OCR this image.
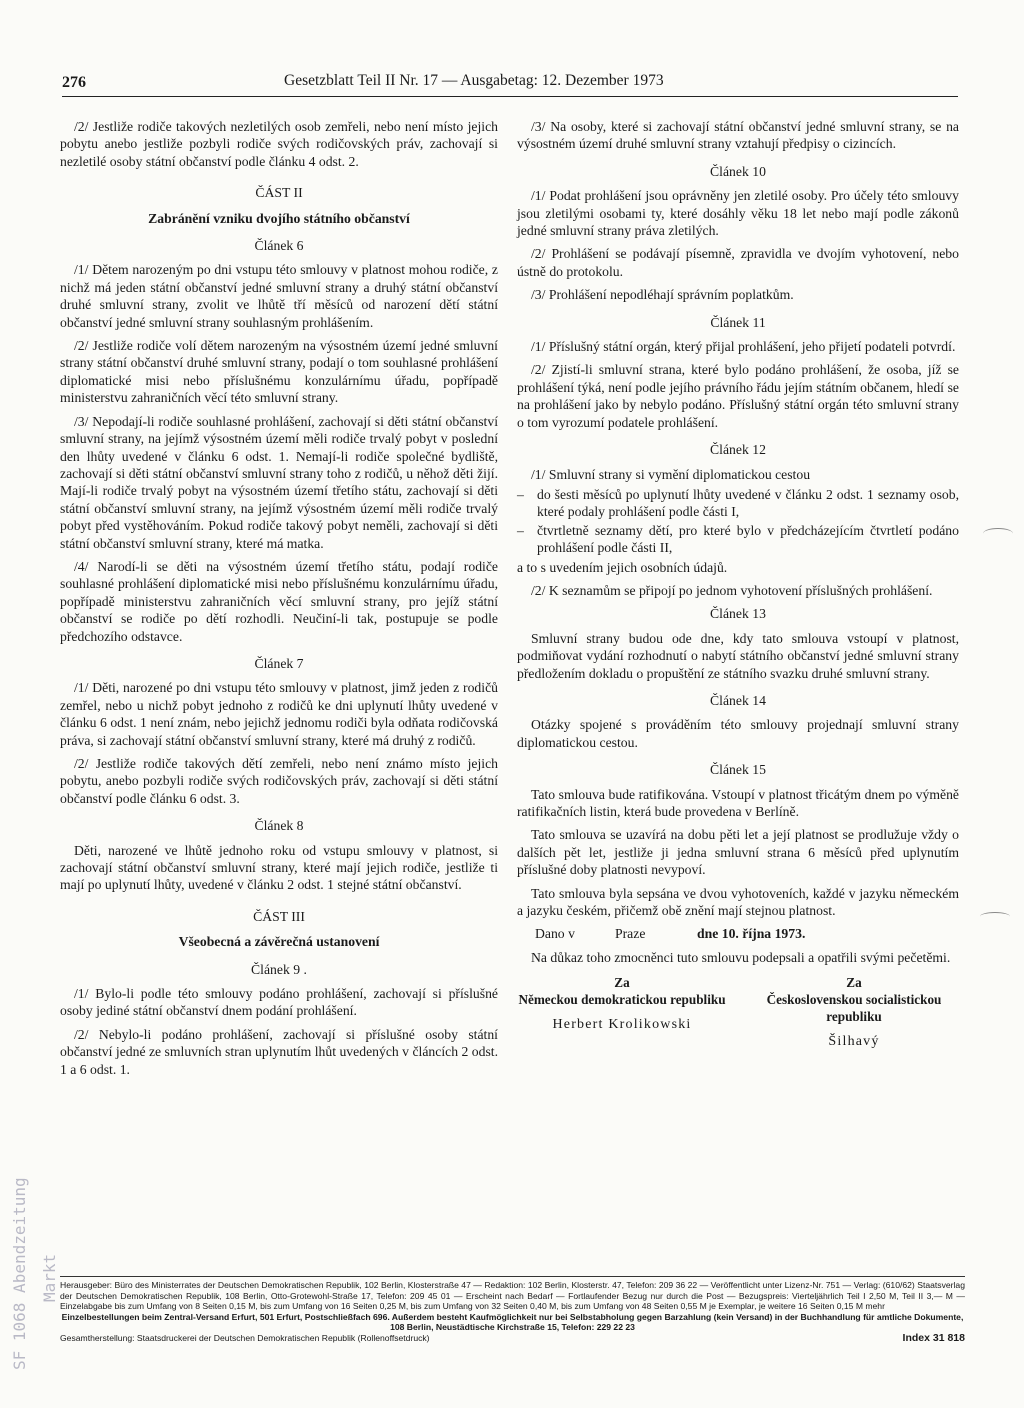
276	Gesetzblatt Teil II Nr. 17 — Ausgabetag: 12. Dezember 1973

/2/ Jestliže rodiče takových nezletilých osob zemřeli, nebo není místo jejich pobytu anebo jestliže pozbyli rodiče svých rodičovských práv, zachovají si nezletilé osoby státní občanství podle článku 4 odst. 2.

ČÁST II
Zabránění vzniku dvojího státního občanství
Článek 6

/1/ Dětem narozeným po dni vstupu této smlouvy v platnost mohou rodiče, z nichž má jeden státní občanství jedné smluvní strany a druhý státní občanství druhé smluvní strany, zvolit ve lhůtě tří měsíců od narození dětí státní občanství jedné smluvní strany souhlasným prohlášením.

/2/ Jestliže rodiče volí dětem narozeným na výsostném území jedné smluvní strany státní občanství druhé smluvní strany, podají o tom souhlasné prohlášení diplomatické misi nebo příslušnému konzulárnímu úřadu, popřípadě ministerstvu zahraničních věcí této smluvní strany.

/3/ Nepodají-li rodiče souhlasné prohlášení, zachovají si děti státní občanství smluvní strany, na jejímž výsostném území měli rodiče trvalý pobyt v poslední den lhůty uvedené v článku 6 odst. 1. Nemají-li rodiče společné bydliště, zachovají si děti státní občanství smluvní strany toho z rodičů, u něhož děti žijí. Mají-li rodiče trvalý pobyt na výsostném území třetího státu, zachovají si děti státní občanství smluvní strany, na jejímž výsostném území měli rodiče trvalý pobyt před vystěhováním. Pokud rodiče takový pobyt neměli, zachovají si děti státní občanství smluvní strany, které má matka.

/4/ Narodí-li se děti na výsostném území třetího státu, podají rodiče souhlasné prohlášení diplomatické misi nebo příslušnému konzulárnímu úřadu, popřípadě ministerstvu zahraničních věcí smluvní strany, pro jejíž státní občanství se rodiče po dětí rozhodli. Neučiní-li tak, postupuje se podle předchozího odstavce.

Článek 7

/1/ Děti, narozené po dni vstupu této smlouvy v platnost, jimž jeden z rodičů zemřel, nebo u nichž pobyt jednoho z rodičů ke dni uplynutí lhůty uvedené v článku 6 odst. 1 není znám, nebo jejichž jednomu rodiči byla odňata rodičovská práva, si zachovají státní občanství smluvní strany, které má druhý z rodičů.

/2/ Jestliže rodiče takových dětí zemřeli, nebo není známo místo jejich pobytu, anebo pozbyli rodiče svých rodičovských práv, zachovají si děti státní občanství podle článku 6 odst. 3.

Článek 8

Děti, narozené ve lhůtě jednoho roku od vstupu smlouvy v platnost, si zachovají státní občanství smluvní strany, které mají jejich rodiče, jestliže ti mají po uplynutí lhůty, uvedené v článku 2 odst. 1 stejné státní občanství.

ČÁST III
Všeobecná a závěrečná ustanovení
Článek 9 .

/1/ Bylo-li podle této smlouvy podáno prohlášení, zachovají si příslušné osoby jediné státní občanství dnem podání prohlášení.

/2/ Nebylo-li podáno prohlášení, zachovají si příslušné osoby státní občanství jedné ze smluvních stran uplynutím lhůt uvedených v článcích 2 odst. 1 a 6 odst. 1.

/3/ Na osoby, které si zachovají státní občanství jedné smluvní strany, se na výsostném území druhé smluvní strany vztahují předpisy o cizincích.

Článek 10

/1/ Podat prohlášení jsou oprávněny jen zletilé osoby. Pro účely této smlouvy jsou zletilými osobami ty, které dosáhly věku 18 let nebo mají podle zákonů jedné smluvní strany práva zletilých.

/2/ Prohlášení se podávají písemně, zpravidla ve dvojím vyhotovení, nebo ústně do protokolu.

/3/ Prohlášení nepodléhají správním poplatkům.

Článek 11

/1/ Příslušný státní orgán, který přijal prohlášení, jeho přijetí podateli potvrdí.

/2/ Zjistí-li smluvní strana, které bylo podáno prohlášení, že osoba, jíž se prohlášení týká, není podle jejího právního řádu jejím státním občanem, hledí se na prohlášení jako by nebylo podáno. Příslušný státní orgán této smluvní strany o tom vyrozumí podatele prohlášení.

Článek 12

/1/ Smluvní strany si vymění diplomatickou cestou

– do šesti měsíců po uplynutí lhůty uvedené v článku 2 odst. 1 seznamy osob, které podaly prohlášení podle části I,
– čtvrtletně seznamy dětí, pro které bylo v předcházejícím čtvrtletí podáno prohlášení podle části II,

a to s uvedením jejich osobních údajů.

/2/ K seznamům se připojí po jednom vyhotovení příslušných prohlášení.

Článek 13

Smluvní strany budou ode dne, kdy tato smlouva vstoupí v platnost, podmiňovat vydání rozhodnutí o nabytí státního občanství jedné smluvní strany předložením dokladu o propuštění ze státního svazku druhé smluvní strany.

Článek 14

Otázky spojené s prováděním této smlouvy projednají smluvní strany diplomatickou cestou.

Článek 15

Tato smlouva bude ratifikována. Vstoupí v platnost třicátým dnem po výměně ratifikačních listin, která bude provedena v Berlíně.

Tato smlouva se uzavírá na dobu pěti let a její platnost se prodlužuje vždy o dalších pět let, jestliže ji jedna smluvní strana 6 měsíců před uplynutím příslušné doby platnosti nevypoví.

Tato smlouva byla sepsána ve dvou vyhotoveních, každé v jazyku německém a jazyku českém, přičemž obě znění mají stejnou platnost.

Dano v	Praze	dne 10. října 1973.

Na důkaz toho zmocněnci tuto smlouvu podepsali a opatřili svými pečetěmi.

Za
Německou demokratickou republiku
Herbert Krolikowski
Za
Československou socialistickou republiku
Šilhavý
Herausgeber: Büro des Ministerrates der Deutschen Demokratischen Republik, 102 Berlin, Klosterstraße 47 — Redaktion: 102 Berlin, Klosterstr. 47, Telefon: 209 36 22 — Veröffentlicht unter Lizenz-Nr. 751 — Verlag: (610/62) Staatsverlag der Deutschen Demokratischen Republik, 108 Berlin, Otto-Grotewohl-Straße 17, Telefon: 209 45 01 — Erscheint nach Bedarf — Fortlaufender Bezug nur durch die Post — Bezugspreis: Vierteljährlich Teil I 2,50 M, Teil II 3,— M — Einzelabgabe bis zum Umfang von 8 Seiten 0,15 M, bis zum Umfang von 16 Seiten 0,25 M, bis zum Umfang von 32 Seiten 0,40 M, bis zum Umfang von 48 Seiten 0,55 M je Exemplar, je weitere 16 Seiten 0,15 M mehr
Einzelbestellungen beim Zentral-Versand Erfurt, 501 Erfurt, Postschließfach 696. Außerdem besteht Kaufmöglichkeit nur bei Selbstabholung gegen Barzahlung (kein Versand) in der Buchhandlung für amtliche Dokumente, 108 Berlin, Neustädtische Kirchstraße 15, Telefon: 229 22 23
Gesamtherstellung: Staatsdruckerei der Deutschen Demokratischen Republik (Rollenoffsetdruck)	Index 31 818
SF 1068 Abendzeitung Markt
